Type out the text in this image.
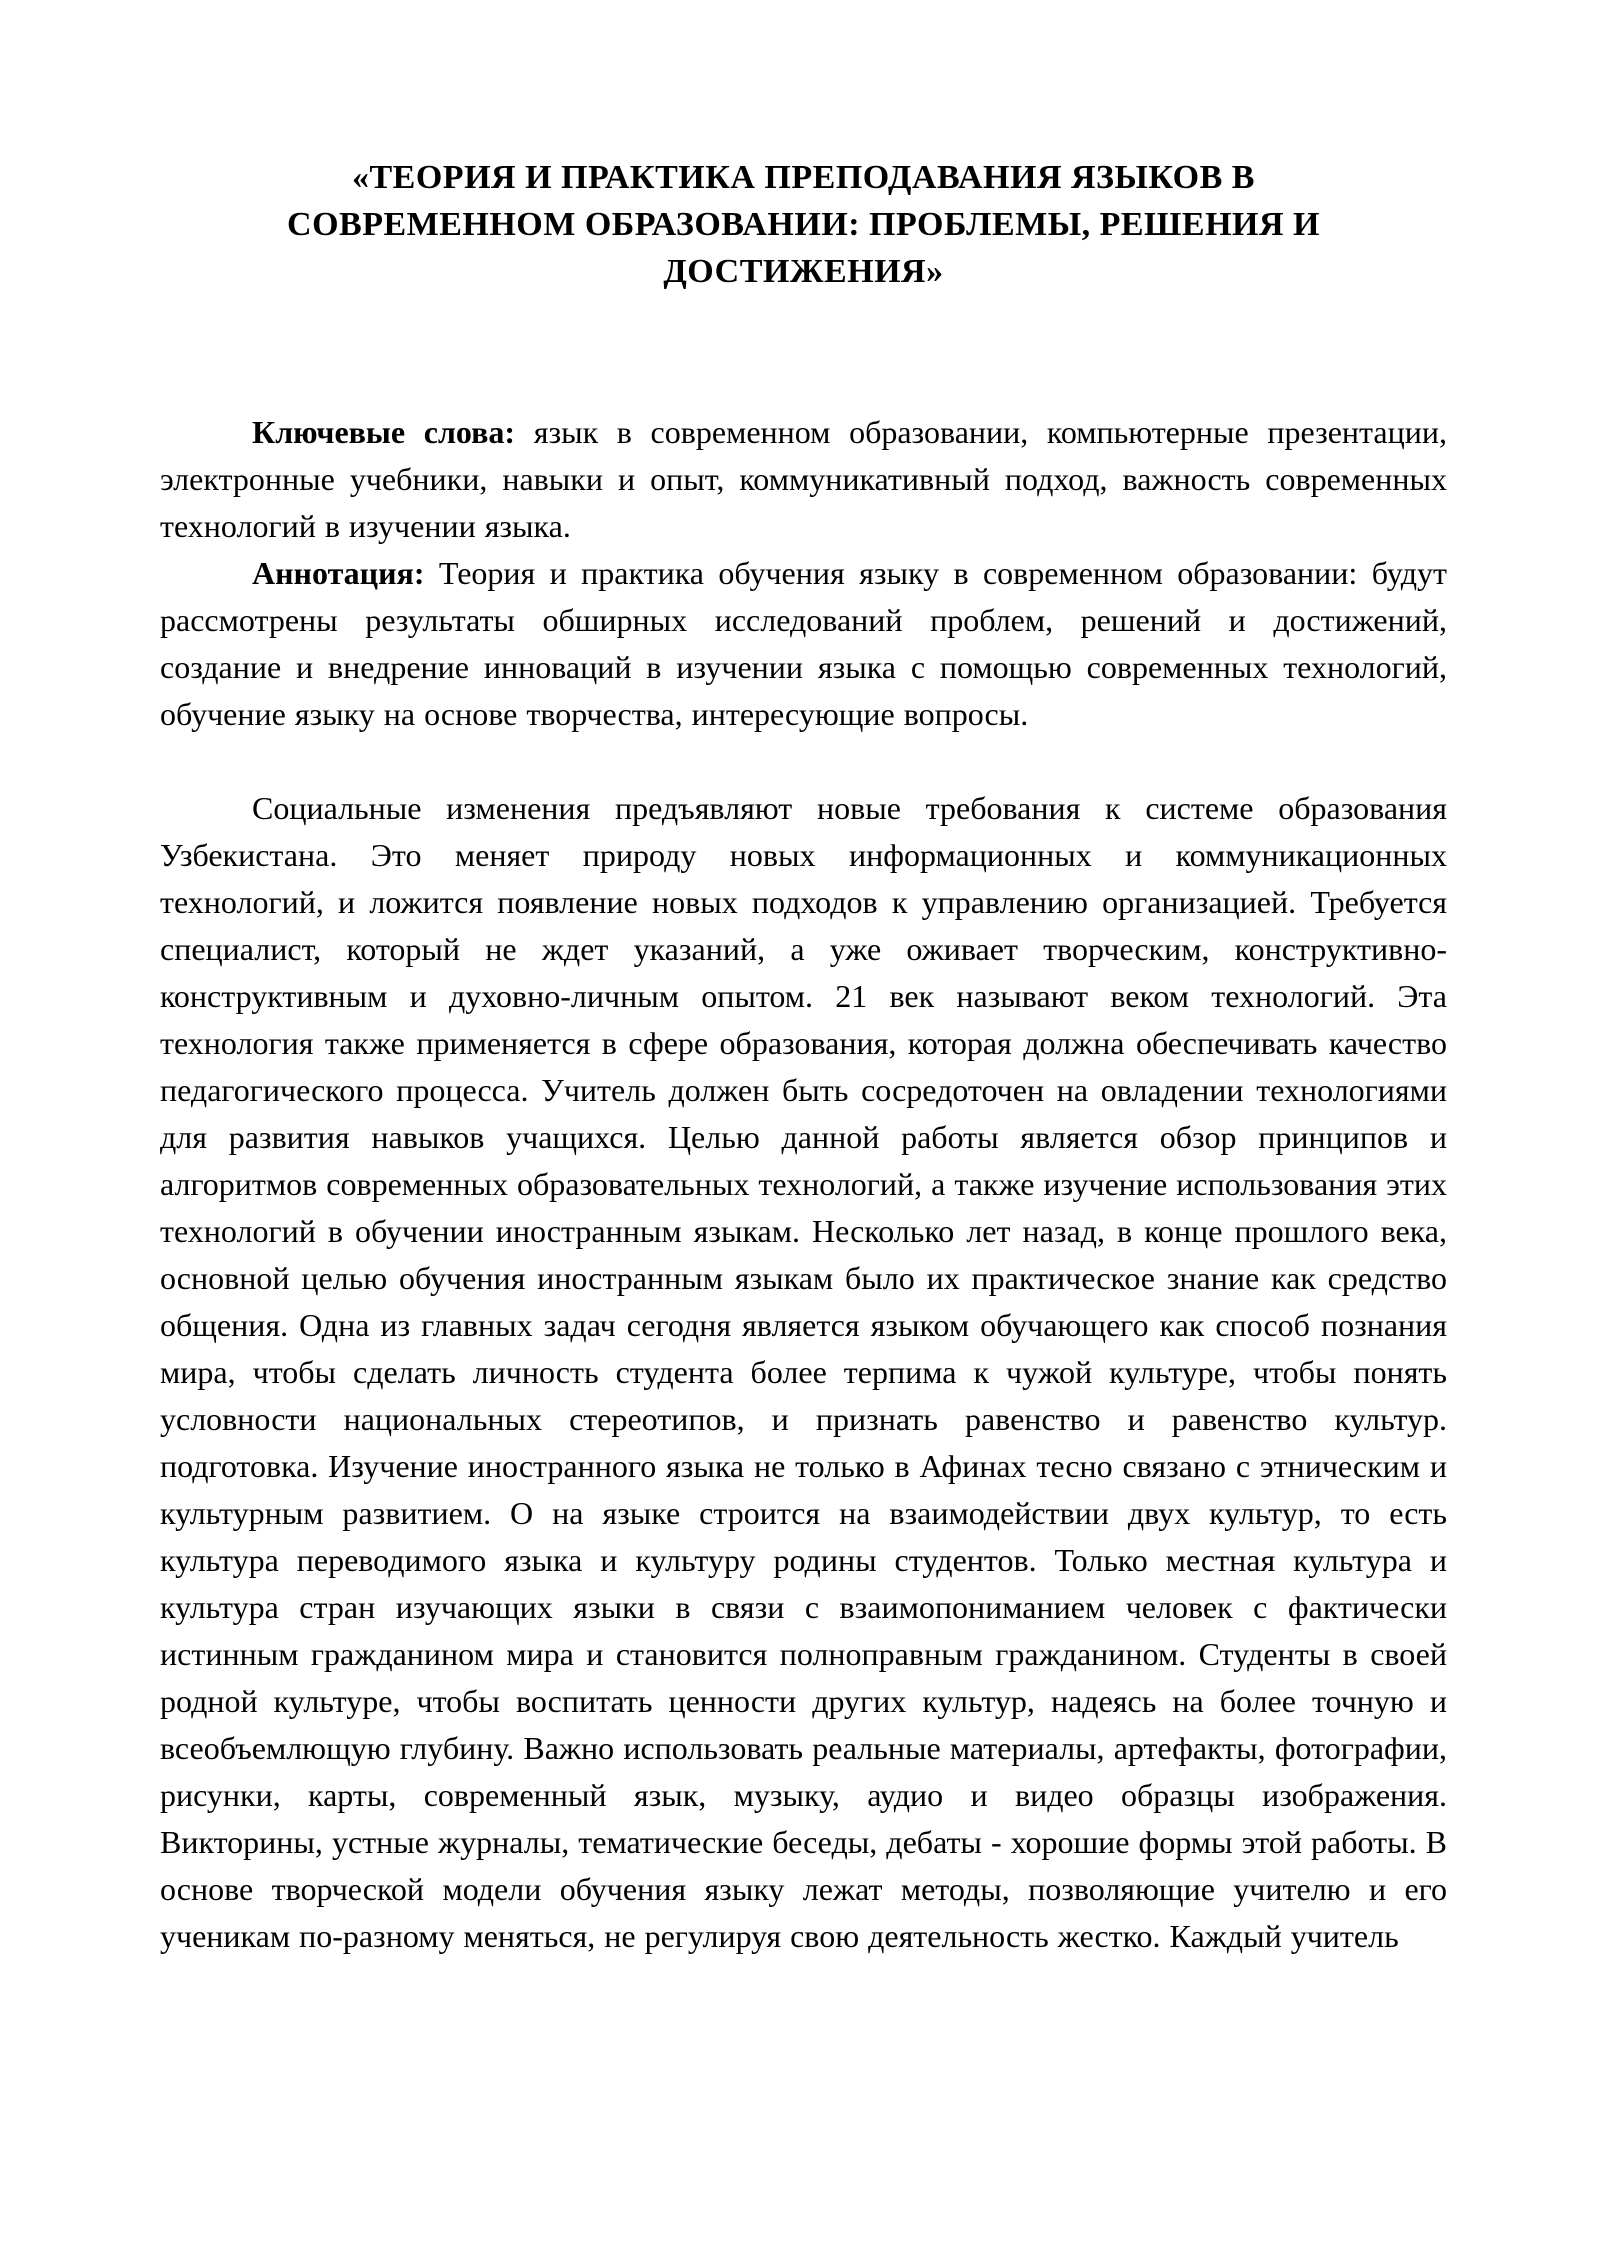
«ТЕОРИЯ И ПРАКТИКА ПРЕПОДАВАНИЯ ЯЗЫКОВ В
СОВРЕМЕННОМ ОБРАЗОВАНИИ: ПРОБЛЕМЫ, РЕШЕНИЯ И
ДОСТИЖЕНИЯ»

Ключевые слова: язык в современном образовании, компьютерные презентации, электронные учебники, навыки и опыт, коммуникативный подход, важность современных технологий в изучении языка.

Аннотация: Теория и практика обучения языку в современном образовании: будут рассмотрены результаты обширных исследований проблем, решений и достижений, создание и внедрение инноваций в изучении языка с помощью современных технологий, обучение языку на основе творчества, интересующие вопросы.

Социальные изменения предъявляют новые требования к системе образования Узбекистана. Это меняет природу новых информационных и коммуникационных технологий, и ложится появление новых подходов к управлению организацией. Требуется специалист, который не ждет указаний, а уже оживает творческим, конструктивно-конструктивным и духовно-личным опытом. 21 век называют веком технологий. Эта технология также применяется в сфере образования, которая должна обеспечивать качество педагогического процесса. Учитель должен быть сосредоточен на овладении технологиями для развития навыков учащихся. Целью данной работы является обзор принципов и алгоритмов современных образовательных технологий, а также изучение использования этих технологий в обучении иностранным языкам. Несколько лет назад, в конце прошлого века, основной целью обучения иностранным языкам было их практическое знание как средство общения. Одна из главных задач сегодня является языком обучающего как способ познания мира, чтобы сделать личность студента более терпима к чужой культуре, чтобы понять условности национальных стереотипов, и признать равенство и равенство культур. подготовка. Изучение иностранного языка не только в Афинах тесно связано с этническим и культурным развитием. О на языке строится на взаимодействии двух культур, то есть культура переводимого языка и культуру родины студентов. Только местная культура и культура стран изучающих языки в связи с взаимопониманием человек с фактически истинным гражданином мира и становится полноправным гражданином. Студенты в своей родной культуре, чтобы воспитать ценности других культур, надеясь на более точную и всеобъемлющую глубину. Важно использовать реальные материалы, артефакты, фотографии, рисунки, карты, современный язык, музыку, аудио и видео образцы изображения. Викторины, устные журналы, тематические беседы, дебаты - хорошие формы этой работы. В основе творческой модели обучения языку лежат методы, позволяющие учителю и его ученикам по-разному меняться, не регулируя свою деятельность жестко. Каждый учитель
